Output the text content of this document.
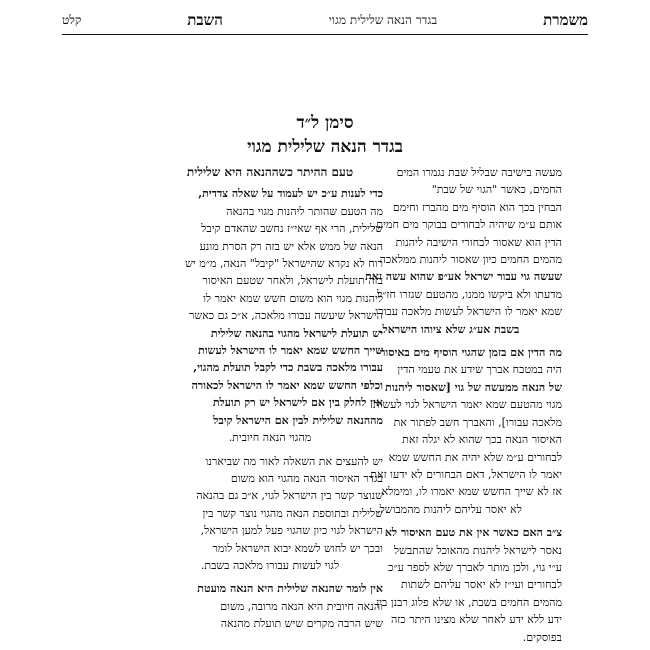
משמרת
בגדר הנאה שלילית מגוי
השבת
קלט
סימן ל״ד
בגדר הנאה שלילית מגוי
מעשה בישיבה שבליל שבת נגמרו המים
החמים, כאשר "הגוי של שבת"
הבחין בכך הוא הוסיף מים מהברז וחימם
אותם ע״מ שיהיה לבחורים בבוקר מים חמים,
הדין הוא שאסור לבחורי הישיבה ליהנות
מהמים החמים כיון שאסור ליהנות ממלאכה
שעשה גוי עבור ישראל אע״פ שהוא עשה זאת
מדעתו ולא ביקשו ממנו, מהטעם שגזרו חז״ל
שמא יאמר לו הישראל לעשות מלאכה עבורו
בשבת אע״ג שלא ציוהו הישראל.
מה הדין אם בזמן שהגוי הוסיף מים באיסור
היה במטבח אברך שידע את טעמי הדין
של הנאה ממעשה של גוי [שאסור ליהנות
מגוי מהטעם שמא יאמר הישראל לגוי לעשות
מלאכה עבורו], והאברך חשב לפתור את
האיסור הנאה בכך שהוא לא יגלה זאת
לבחורים ע״מ שלא יהיה את החשש שמא
יאמר לו הישראל, דאם הבחורים לא ידעו זאת
אז לא שייך החשש שמא יאמרו לו, ומימלא
לא יאסר עליהם ליהנות מהמבושל.
צ״ב האם כאשר אין את טעם האיסור לא
נאסר לישראל ליהנות מהאוכל שהתבשל
ע״י גוי, ולכן מותר לאברך שלא לספר ע״כ
לבחורים ועי״ז לא יאסר עליהם לשתות
מהמים החמים בשבת, או שלא פלוג רבנן בין
ידע ללא ידע לאחר שלא מצינו היתר כזה
בפוסקים.
טעם ההיתר כשההנאה היא שלילית
כדי לענות ע״כ יש לעמוד על שאלה צדדית,
מה הטעם שהותר ליהנות מגוי בהנאה
שלילית, הרי אף שאי״ז נחשב שהאדם קיבל
הנאה של ממש אלא יש בזה רק הסרת מונע
רוח לא נקרא שהישראל "קיבל" הנאה, מ״מ יש
בזה תועלת לישראל, ולאחר שטעם האיסור
ליהנות מגוי הוא משום חשש שמא יאמר לו
הישראל שיעשה עבורו מלאכה, א״כ גם כאשר
יש תועלת לישראל מהגוי בהנאה שלילית
שייך החשש שמא יאמר לו הישראל לעשות
עבורו מלאכה בשבת כדי לקבל תועלת מהגוי,
וכלפי החשש שמא יאמר לו הישראל לכאורה
אין לחלק בין אם לישראל יש רק תועלת
מההנאה שלילית לבין אם הישראל קיבל
מהגוי הנאה חיובית.
יש להעצים את השאלה לאור מה שביארנו
בגדר האיסור הנאה מהגוי הוא משום
שנוצר קשר בין הישראל לגוי, א״כ גם בהנאה
שלילית ובתוספת הנאה מהגוי נוצר קשר בין
הישראל לגוי כיון שהגוי פעל למען הישראל,
ובכך יש לחוש לשמא יבוא הישראל לומר
לגוי לעשות עבורו מלאכה בשבת.
אין לומר שהנאה שלילית היא הנאה מועטת
והנאה חיובית היא הנאה מרובה, משום
שיש הרבה מקרים שיש תועלת מהנאה
